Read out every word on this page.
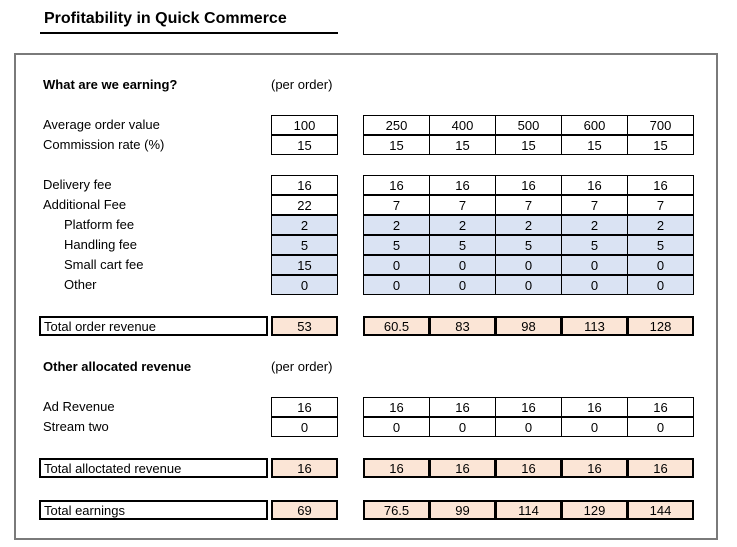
Profitability in Quick Commerce
What are we earning?	(per order)
Other allocated revenue	(per order)
Average order value	100	250	400	500	600	700
Commission rate (%)	15	15	15	15	15	15
Delivery fee	16	16	16	16	16	16
Additional Fee	22	7	7	7	7	7
Platform fee	2	2	2	2	2	2
Handling fee	5	5	5	5	5	5
Small cart fee	15	0	0	0	0	0
Other	0	0	0	0	0	0
Total order revenue	53	60.5	83	98	113	128
Ad Revenue	16	16	16	16	16	16
Stream two	0	0	0	0	0	0
Total alloctated revenue	16	16	16	16	16	16
Total earnings	69	76.5	99	114	129	144
